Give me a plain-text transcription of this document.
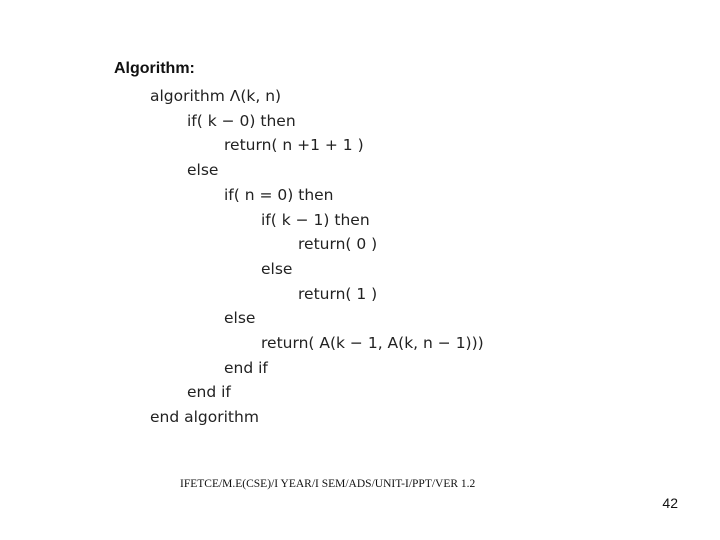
Algorithm:
algorithm Λ(k, n)
if( k − 0) then
return( n +1 + 1 )
else
if( n = 0) then
if( k − 1) then
return( 0 )
else
return( 1 )
else
return( A(k − 1, A(k, n − 1)))
end if
end if
end algorithm
IFETCE/M.E(CSE)/I YEAR/I SEM/ADS/UNIT-I/PPT/VER 1.2
42
